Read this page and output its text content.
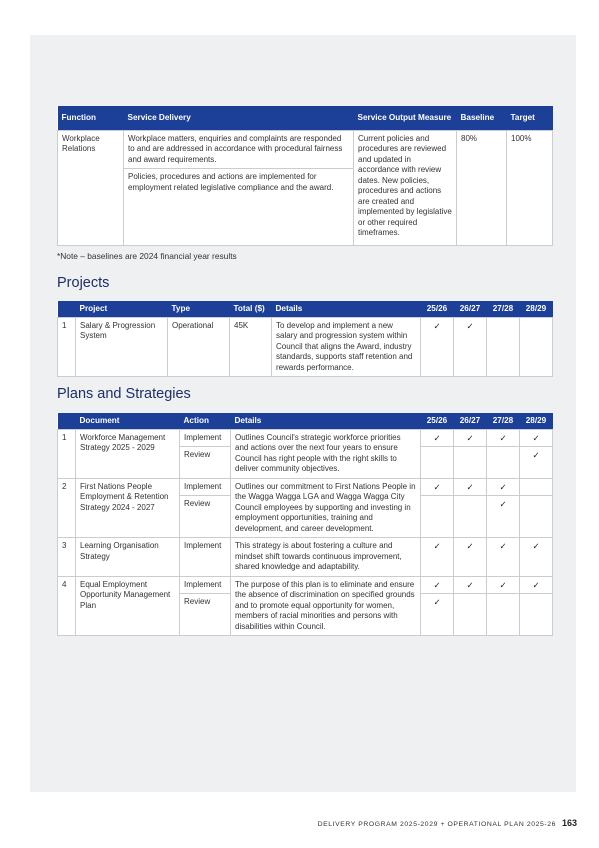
Function	Service Delivery	Service Output Measure	Baseline	Target
Workplace Relations	Workplace matters, enquiries and complaints are responded to and are addressed in accordance with procedural fairness and award requirements.	Current policies and procedures are reviewed and updated in accordance with review dates. New policies, procedures and actions are created and implemented by legislative or other required timeframes.	80%	100%
	Policies, procedures and actions are implemented for employment related legislative compliance and the award.			
*Note – baselines are 2024 financial year results
Projects
	Project	Type	Total ($)	Details	25/26	26/27	27/28	28/29
1	Salary & Progression System	Operational	45K	To develop and implement a new salary and progression system within Council that aligns the Award, industry standards, supports staff retention and rewards performance.	✓	✓		
Plans and Strategies
	Document	Action	Details	25/26	26/27	27/28	28/29
1	Workforce Management Strategy 2025 - 2029	Implement	Outlines Council's strategic workforce priorities and actions over the next four years to ensure Council has right people with the right skills to deliver community objectives.	✓	✓	✓	✓
		Review					✓
2	First Nations People Employment & Retention Strategy 2024 - 2027	Implement	Outlines our commitment to First Nations People in the Wagga Wagga LGA and Wagga Wagga City Council employees by supporting and investing in employment opportunities, training and development, and career development.	✓	✓	✓	
		Review				✓	
3	Learning Organisation Strategy	Implement	This strategy is about fostering a culture and mindset shift towards continuous improvement, shared knowledge and adaptability.	✓	✓	✓	✓
4	Equal Employment Opportunity Management Plan	Implement	The purpose of this plan is to eliminate and ensure the absence of discrimination on specified grounds and to promote equal opportunity for women, members of racial minorities and persons with disabilities within Council.	✓	✓	✓	✓
		Review		✓			
DELIVERY PROGRAM 2025-2029 + OPERATIONAL PLAN 2025-26 163
